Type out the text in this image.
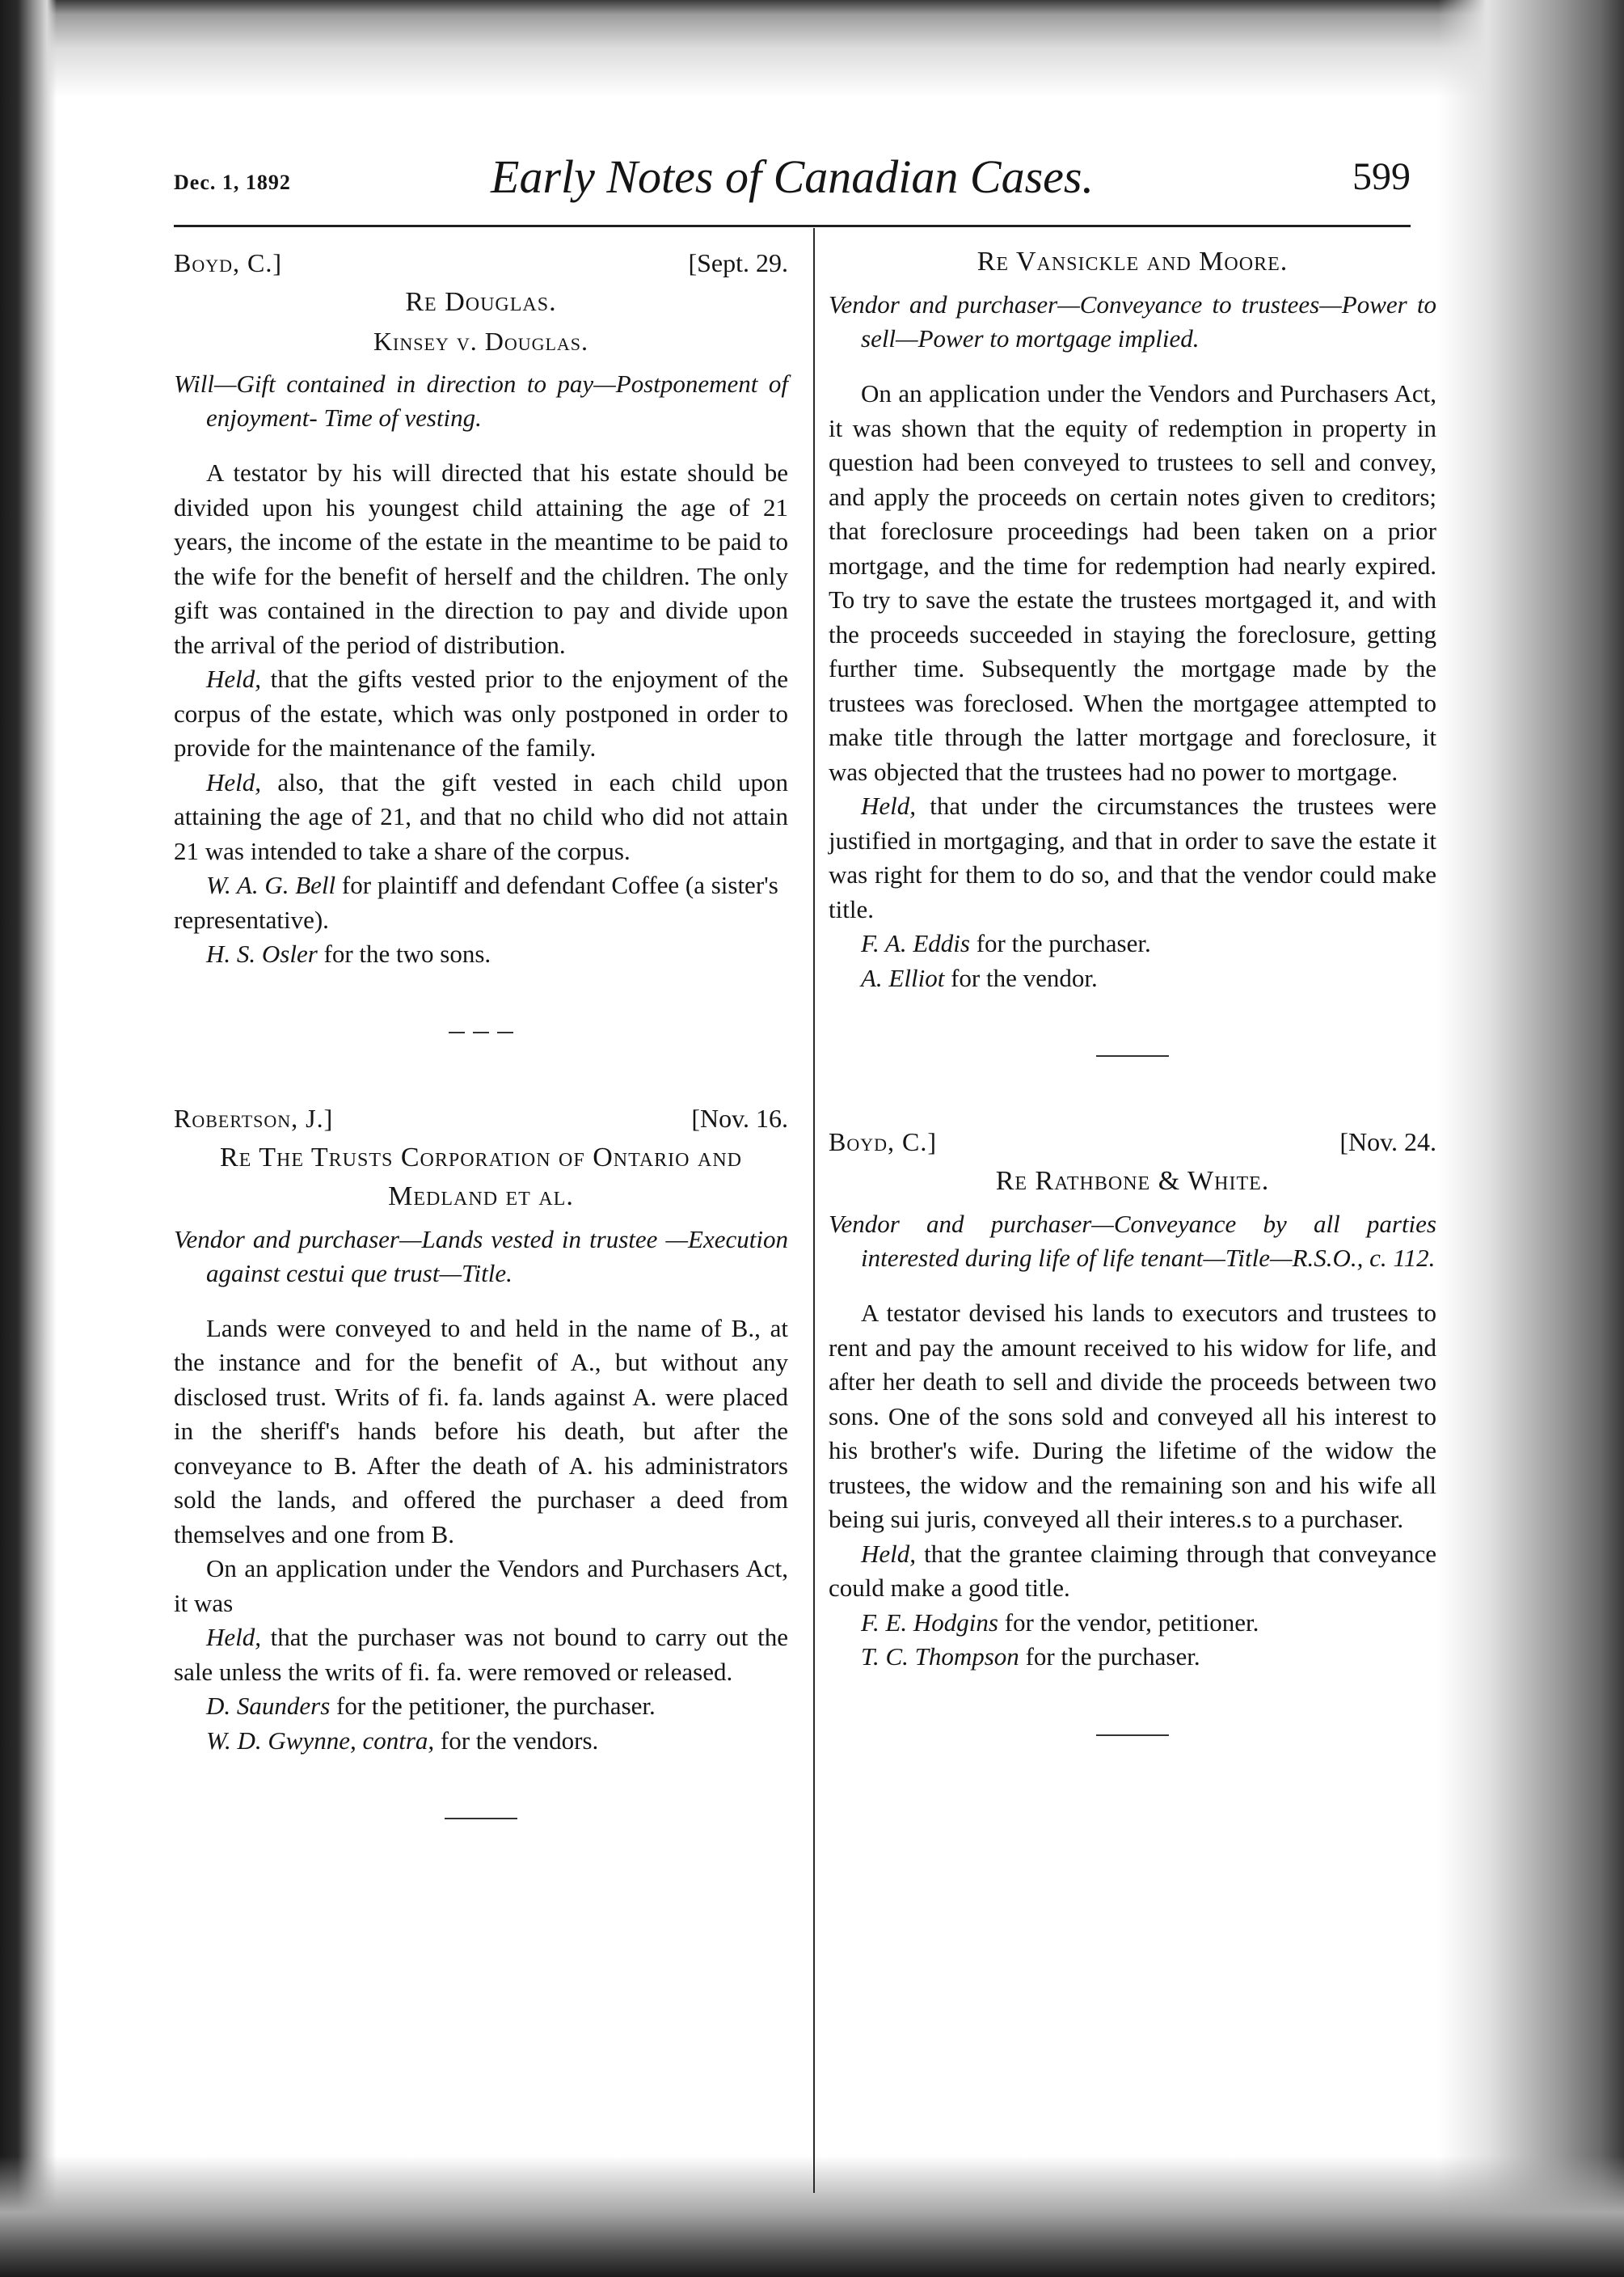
Dec. 1, 1892	Early Notes of Canadian Cases.	599
Boyd, C.]	[Sept. 29.
Re Douglas.
Kinsey v. Douglas.
Will—Gift contained in direction to pay—Postponement of enjoyment- Time of vesting.

A testator by his will directed that his estate should be divided upon his youngest child attaining the age of 21 years, the income of the estate in the meantime to be paid to the wife for the benefit of herself and the children. The only gift was contained in the direction to pay and divide upon the arrival of the period of distribution.

Held, that the gifts vested prior to the enjoyment of the corpus of the estate, which was only postponed in order to provide for the maintenance of the family.

Held, also, that the gift vested in each child upon attaining the age of 21, and that no child who did not attain 21 was intended to take a share of the corpus.

W. A. G. Bell for plaintiff and defendant Coffee (a sister's representative).

H. S. Osler for the two sons.

Robertson, J.]	[Nov. 16.
Re The Trusts Corporation of Ontario and Medland et al.
Vendor and purchaser—Lands vested in trustee —Execution against cestui que trust—Title.

Lands were conveyed to and held in the name of B., at the instance and for the benefit of A., but without any disclosed trust. Writs of fi. fa. lands against A. were placed in the sheriff's hands before his death, but after the conveyance to B. After the death of A. his administrators sold the lands, and offered the purchaser a deed from themselves and one from B.

On an application under the Vendors and Purchasers Act, it was

Held, that the purchaser was not bound to carry out the sale unless the writs of fi. fa. were removed or released.

D. Saunders for the petitioner, the purchaser.

W. D. Gwynne, contra, for the vendors.

Re Vansickle and Moore.
Vendor and purchaser—Conveyance to trustees—Power to sell—Power to mortgage implied.

On an application under the Vendors and Purchasers Act, it was shown that the equity of redemption in property in question had been conveyed to trustees to sell and convey, and apply the proceeds on certain notes given to creditors; that foreclosure proceedings had been taken on a prior mortgage, and the time for redemption had nearly expired. To try to save the estate the trustees mortgaged it, and with the proceeds succeeded in staying the foreclosure, getting further time. Subsequently the mortgage made by the trustees was foreclosed. When the mortgagee attempted to make title through the latter mortgage and foreclosure, it was objected that the trustees had no power to mortgage.

Held, that under the circumstances the trustees were justified in mortgaging, and that in order to save the estate it was right for them to do so, and that the vendor could make title.

F. A. Eddis for the purchaser.

A. Elliot for the vendor.

Boyd, C.]	[Nov. 24.
Re Rathbone & White.
Vendor and purchaser—Conveyance by all parties interested during life of life tenant—Title—R.S.O., c. 112.

A testator devised his lands to executors and trustees to rent and pay the amount received to his widow for life, and after her death to sell and divide the proceeds between two sons. One of the sons sold and conveyed all his interest to his brother's wife. During the lifetime of the widow the trustees, the widow and the remaining son and his wife all being sui juris, conveyed all their interes.s to a purchaser.

Held, that the grantee claiming through that conveyance could make a good title.

F. E. Hodgins for the vendor, petitioner.

T. C. Thompson for the purchaser.
